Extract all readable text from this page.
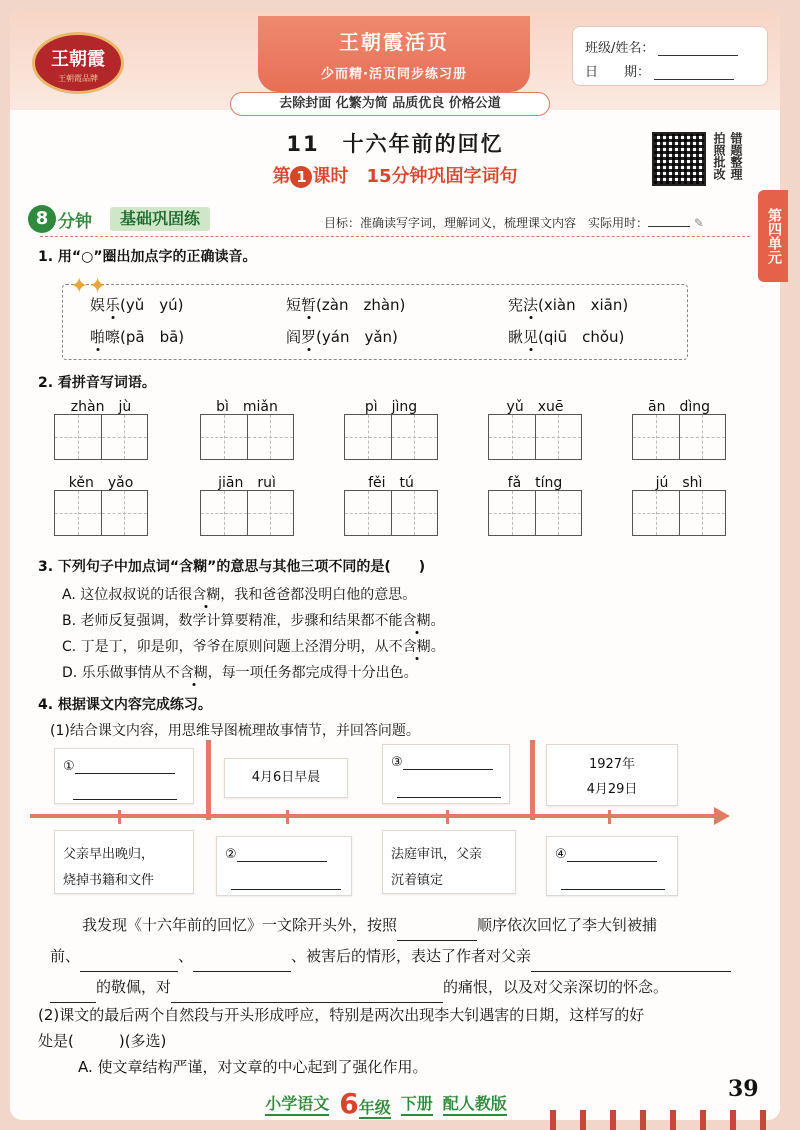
王朝霞
王朝霞品牌
王朝霞活页
少而精·活页同步练习册
去除封面 化繁为简 品质优良 价格公道
班级/姓名：
日　　期：
11　十六年前的回忆
第 1 课时　15分钟巩固字词句	拍照批改 错题整理
第四单元
8 分钟	基础巩固练	目标：准确读写字词，理解词义，梳理课文内容　实际用时：	✎
1. 用“○”圈出加点字的正确读音。
✦✦
娱乐(yǔ　yú)	短暂(zàn　zhàn)	宪法(xiàn　xiān)
啪嚓(pā　bā)	阎罗(yán　yǎn)	瞅见(qiū　chǒu)
2. 看拼音写词语。
zhàn　jù	bì　miǎn	pì　jìng	yǔ　xuē	ān　dìng
kěn　yǎo	jiān　ruì	fěi　tú	fǎ　tíng	jú　shì
3. 下列句子中加点词“含糊”的意思与其他三项不同的是(　　)
A. 这位叔叔说的话很含糊，我和爸爸都没明白他的意思。
B. 老师反复强调，数学计算要精准，步骤和结果都不能含糊。
C. 丁是丁，卯是卯，爷爷在原则问题上泾渭分明，从不含糊。
D. 乐乐做事情从不含糊，每一项任务都完成得十分出色。
4. 根据课文内容完成练习。
(1)结合课文内容，用思维导图梳理故事情节，并回答问题。
①
4月6日早晨
③	1927年
4月29日
父亲早出晚归，
烧掉书籍和文件
②	法庭审讯，父亲
沉着镇定
④
我发现《十六年前的回忆》一文除开头外，按照	顺序依次回忆了李大钊被捕
前、	、	、被害后的情形，表达了作者对父亲
的敬佩，对	的痛恨，以及对父亲深切的怀念。
(2)课文的最后两个自然段与开头形成呼应，特别是两次出现李大钊遇害的日期，这样写的好
处是(　　　)(多选)
A. 使文章结构严谨，对文章的中心起到了强化作用。
小学语文 6年级 下册 配人教版
39
